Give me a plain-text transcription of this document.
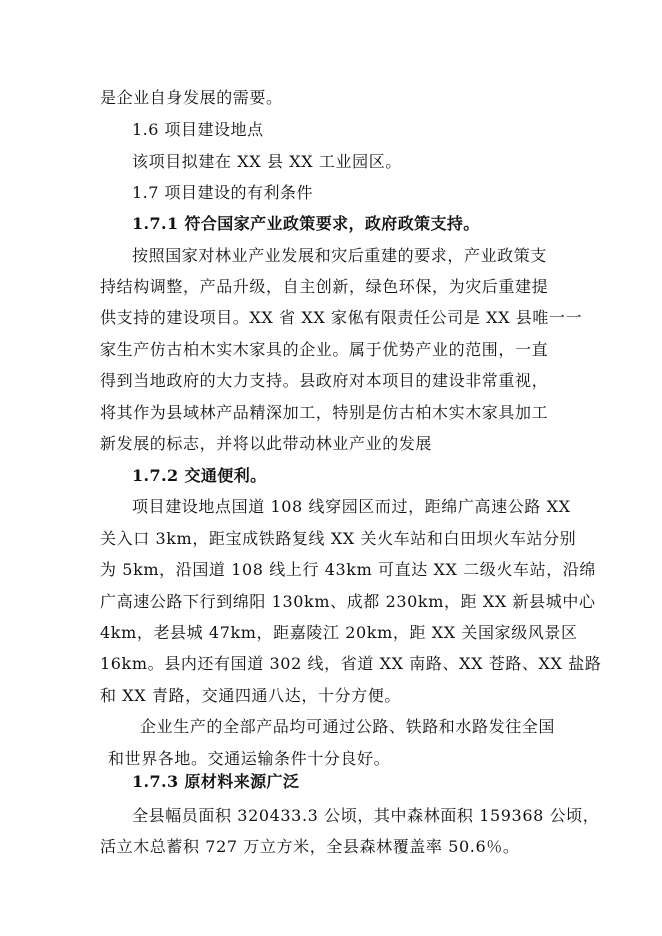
是企业自身发展的需要。
1.6 项目建设地点
该项目拟建在 XX 县 XX 工业园区。
1.7 项目建设的有利条件
1.7.1 符合国家产业政策要求，政府政策支持。
按照国家对林业产业发展和灾后重建的要求，产业政策支
持结构调整，产品升级，自主创新，绿色环保，为灾后重建提
供支持的建设项目。XX 省 XX 家俬有限责任公司是 XX 县唯一一
家生产仿古柏木实木家具的企业。属于优势产业的范围，一直
得到当地政府的大力支持。县政府对本项目的建设非常重视，
将其作为县域林产品精深加工，特别是仿古柏木实木家具加工
新发展的标志，并将以此带动林业产业的发展
1.7.2 交通便利。
项目建设地点国道 108 线穿园区而过，距绵广高速公路 XX
关入口 3km，距宝成铁路复线 XX 关火车站和白田坝火车站分别
为 5km，沿国道 108 线上行 43km 可直达 XX 二级火车站，沿绵
广高速公路下行到绵阳 130km、成都 230km，距 XX 新县城中心
4km，老县城 47km，距嘉陵江 20km，距 XX 关国家级风景区
16km。县内还有国道 302 线，省道 XX 南路、XX 苍路、XX 盐路
和 XX 青路，交通四通八达，十分方便。
企业生产的全部产品均可通过公路、铁路和水路发往全国
和世界各地。交通运输条件十分良好。
1.7.3 原材料来源广泛
全县幅员面积 320433.3 公顷，其中森林面积 159368 公顷，
活立木总蓄积 727 万立方米，全县森林覆盖率 50.6％。
